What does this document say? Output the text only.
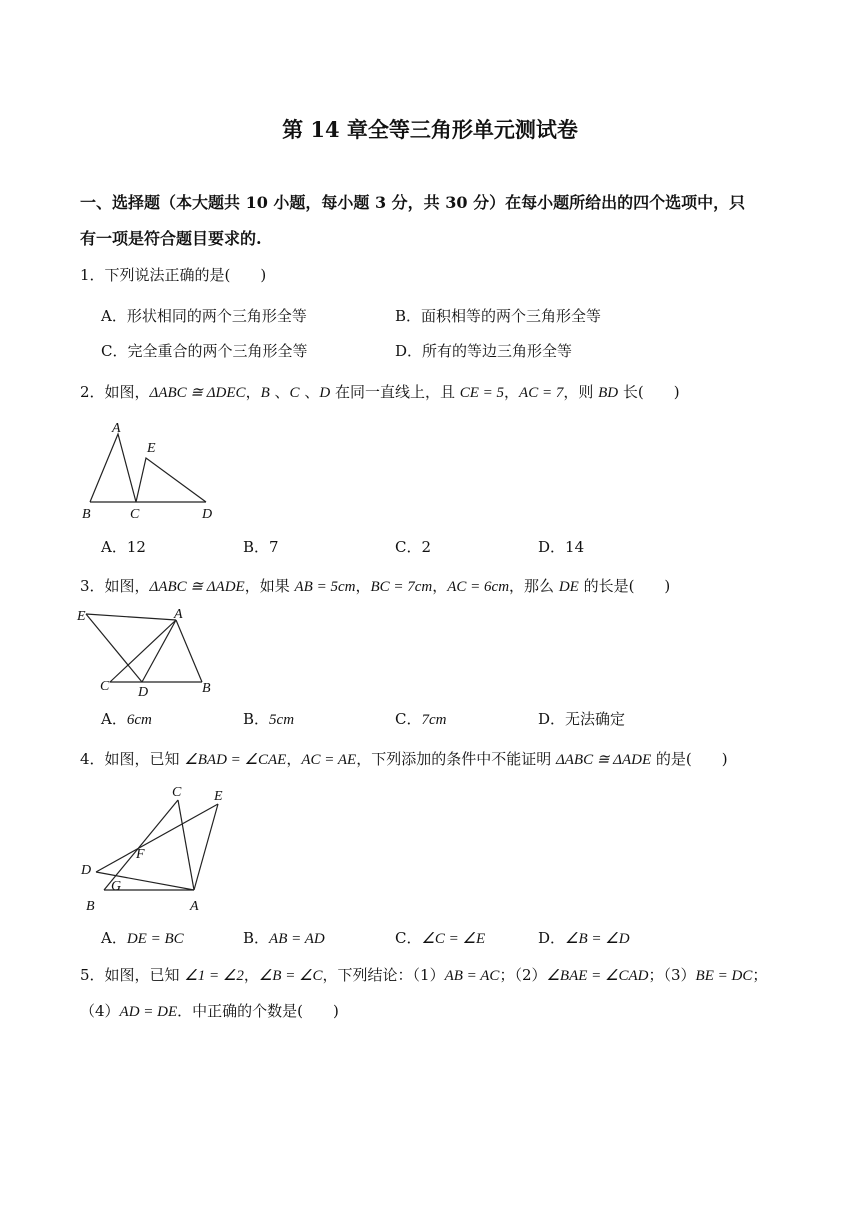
第 14 章全等三角形单元测试卷
一、选择题（本大题共 10 小题，每小题 3 分，共 30 分）在每小题所给出的四个选项中，只
有一项是符合题目要求的.
1．下列说法正确的是(　　)
A．形状相同的两个三角形全等	B．面积相等的两个三角形全等
C．完全重合的两个三角形全等	D．所有的等边三角形全等
2．如图，ΔABC ≅ ΔDEC，B 、C 、D 在同一直线上，且 CE = 5，AC = 7，则 BD 长(　　)
A
E
B	C	D
A．12	B．7	C．2	D．14
3．如图，ΔABC ≅ ΔADE，如果 AB = 5cm，BC = 7cm，AC = 6cm，那么 DE 的长是(　　)
E	A
C D	B
A．6cm	B．5cm	C．7cm	D．无法确定
4．如图，已知 ∠BAD = ∠CAE，AC = AE，下列添加的条件中不能证明 ΔABC ≅ ΔADE 的是(　　)
C E
F
D
G
B	A
A．DE = BC	B．AB = AD	C．∠C = ∠E	D．∠B = ∠D
5．如图，已知 ∠1 = ∠2，∠B = ∠C，下列结论：（1）AB = AC；（2）∠BAE = ∠CAD；（3）BE = DC；
（4）AD = DE．中正确的个数是(　　)
